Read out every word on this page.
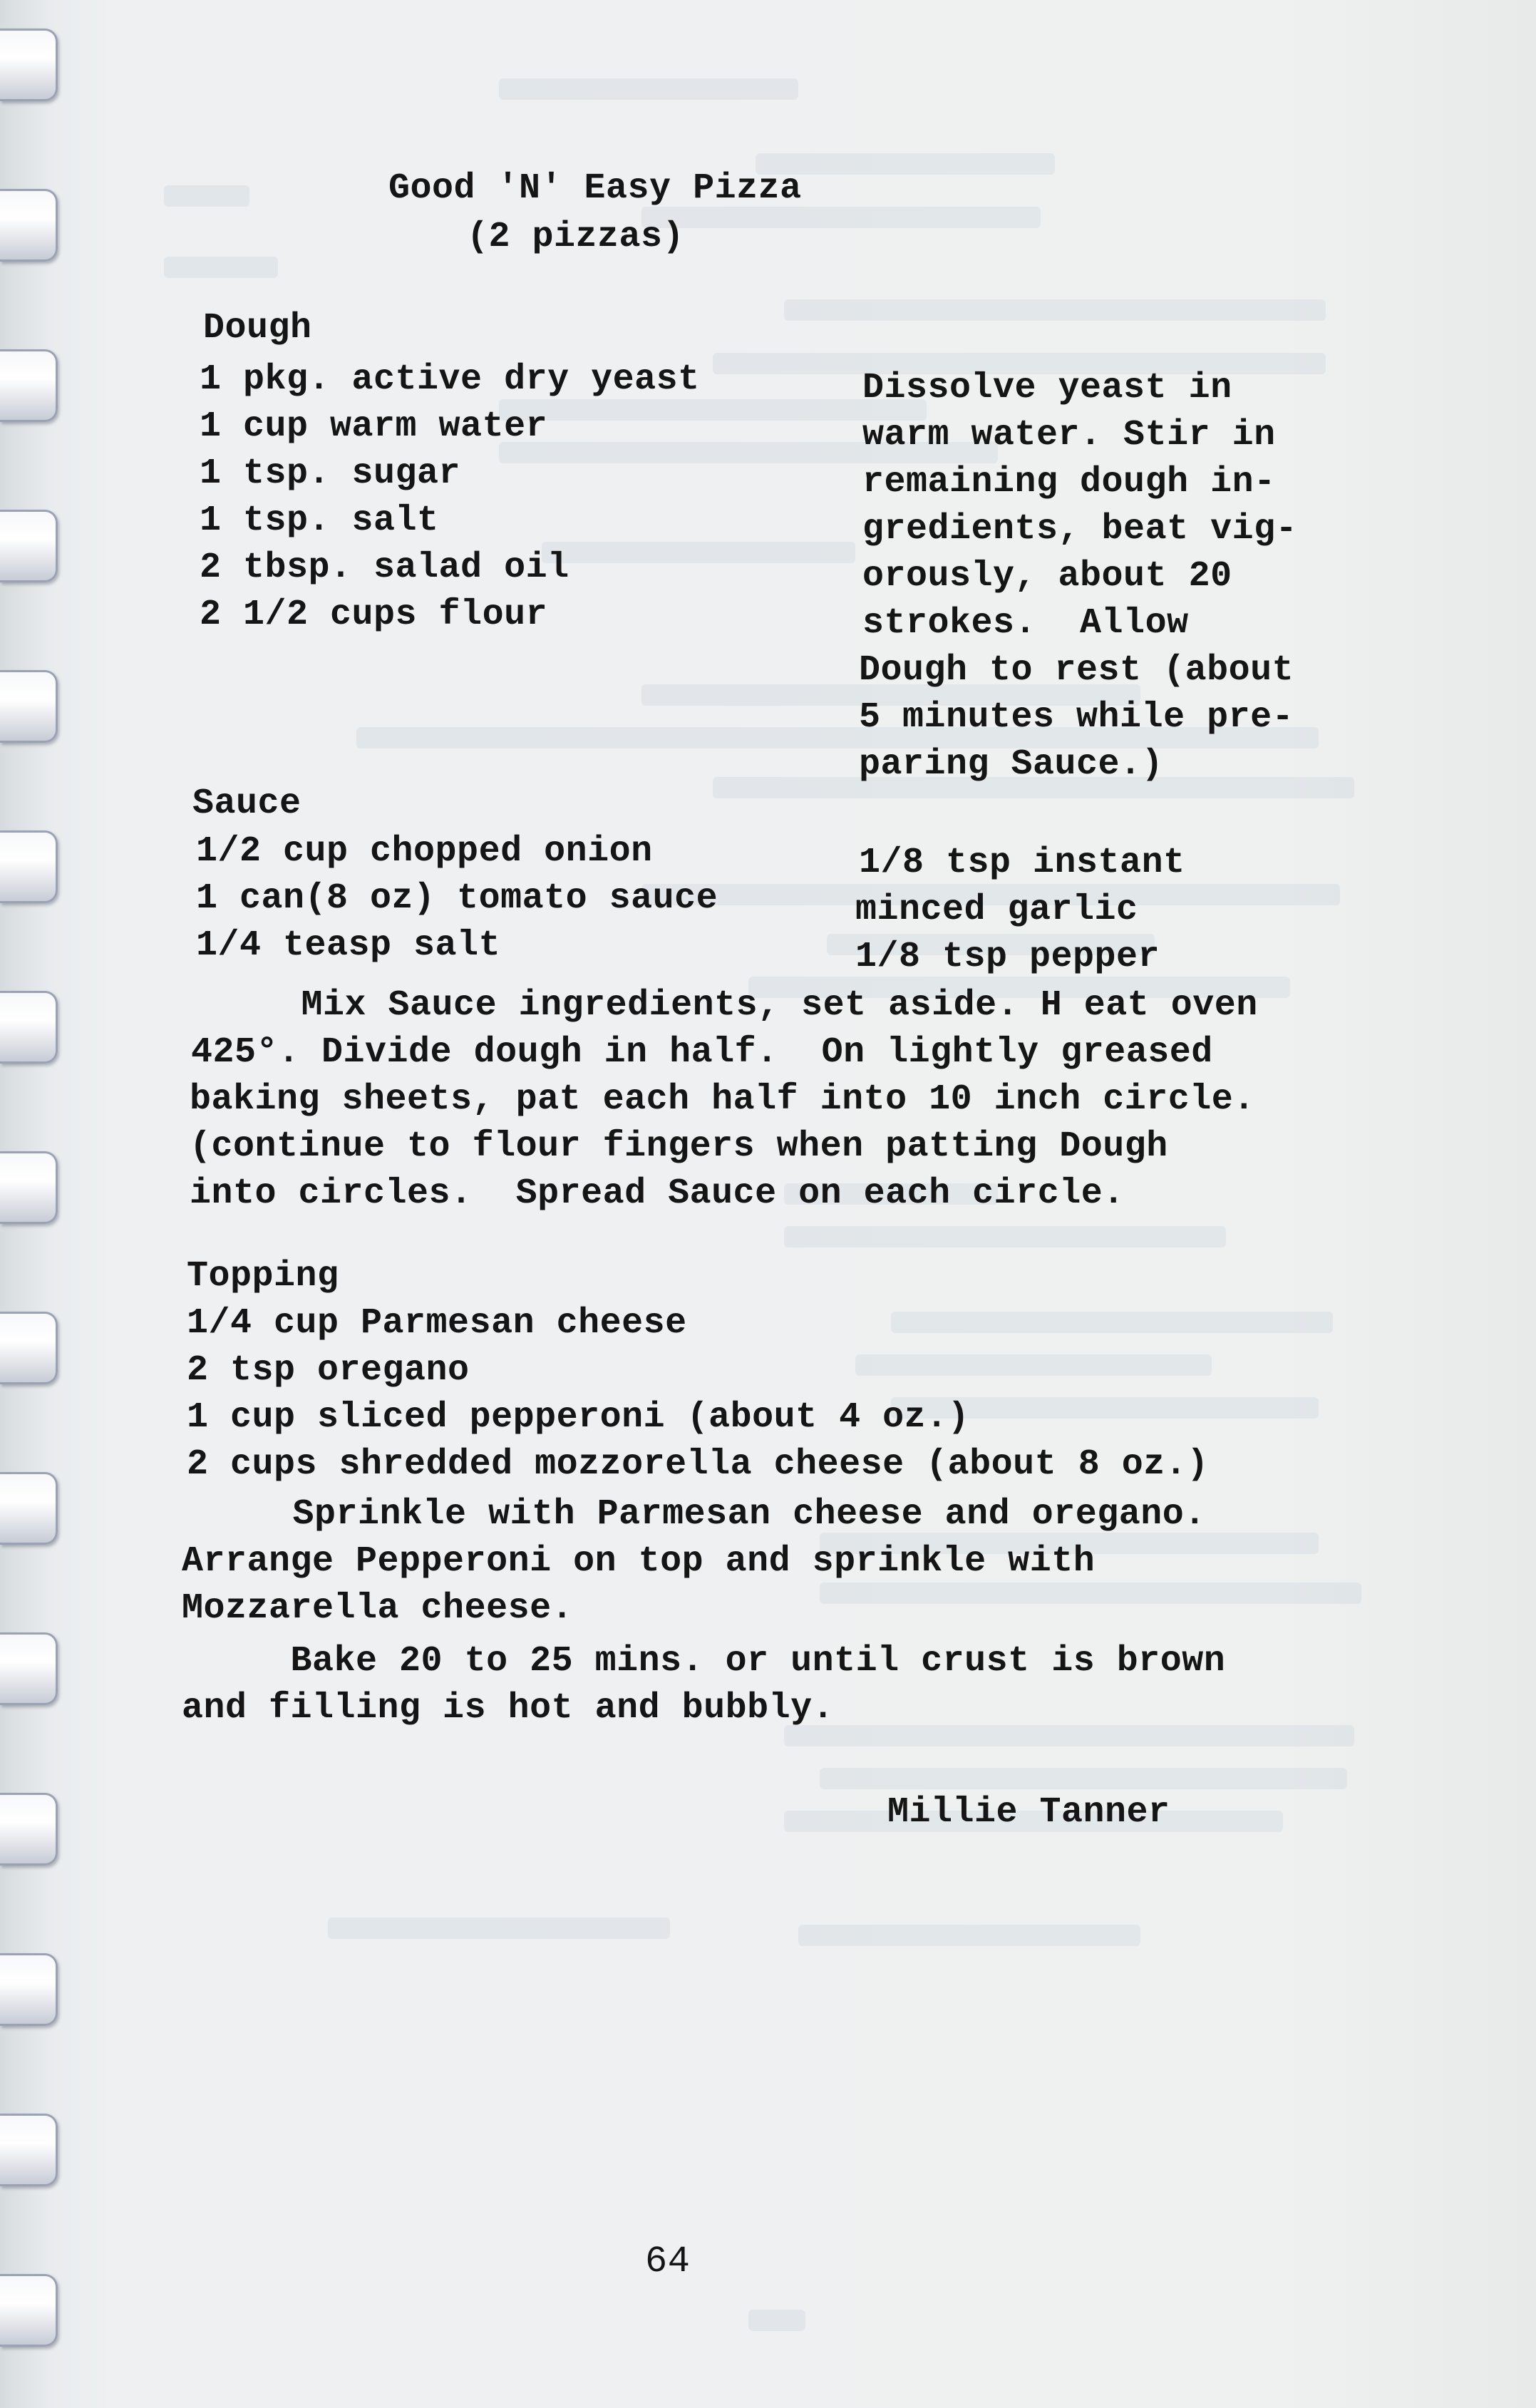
Good 'N' Easy Pizza
(2 pizzas)
Dough
1 pkg. active dry yeast
1 cup warm water
1 tsp. sugar
1 tsp. salt
2 tbsp. salad oil
2 1/2 cups flour
Dissolve yeast in
warm water. Stir in
remaining dough in-
gredients, beat vig-
orously, about 20
strokes.  Allow
Dough to rest (about
5 minutes while pre-
paring Sauce.)
Sauce
1/2 cup chopped onion
1 can(8 oz) tomato sauce
1/4 teasp salt
1/8 tsp instant
minced garlic
1/8 tsp pepper
Mix Sauce ingredients, set aside. H eat oven
425°. Divide dough in half.  On lightly greased
baking sheets, pat each half into 10 inch circle.
(continue to flour fingers when patting Dough
into circles.  Spread Sauce on each circle.
Topping
1/4 cup Parmesan cheese
2 tsp oregano
1 cup sliced pepperoni (about 4 oz.)
2 cups shredded mozzorella cheese (about 8 oz.)
Sprinkle with Parmesan cheese and oregano.
Arrange Pepperoni on top and sprinkle with
Mozzarella cheese.
Bake 20 to 25 mins. or until crust is brown
and filling is hot and bubbly.
Millie Tanner
64
